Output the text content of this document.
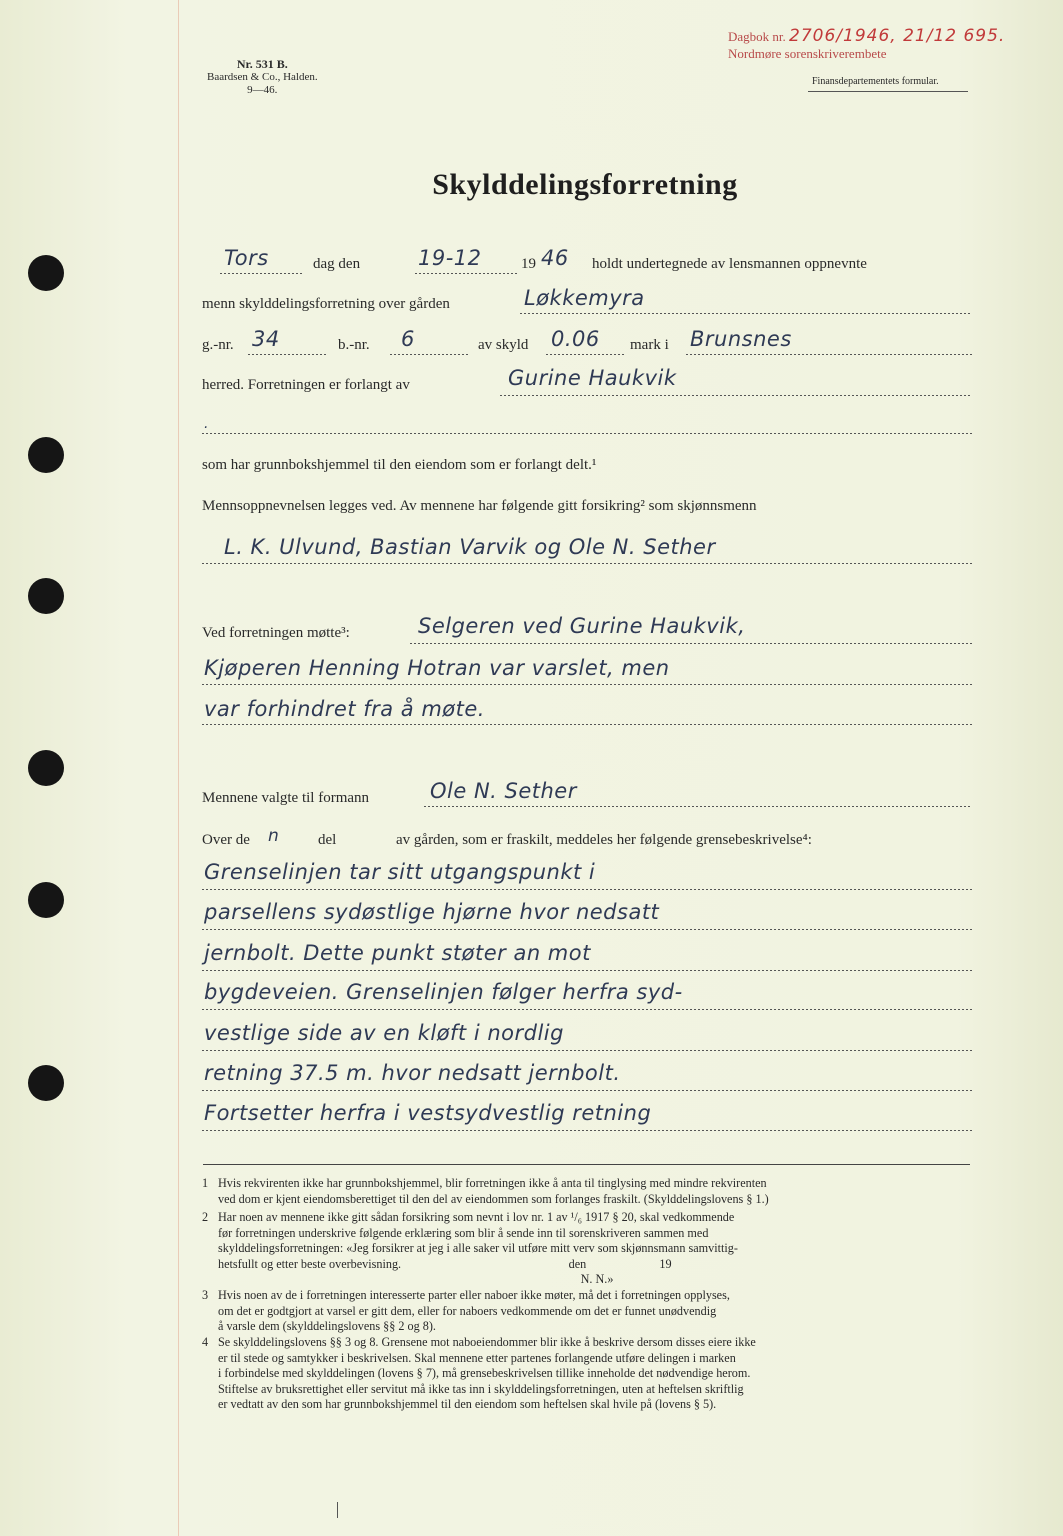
Nr. 531 B.
Baardsen & Co., Halden.
9—46.
Dagbok nr. 2706/1946, 21/12 695.
Nordmøre sorenskriverembete
Finansdepartementets formular.
Skylddelingsforretning
Tors	dag den	19-12	19 46 holdt undertegnede av lensmannen oppnevnte
menn skylddelingsforretning over gården	Løkkemyra
g.-nr. 34	b.-nr. 6	av skyld 0.06 mark i Brunsnes
herred. Forretningen er forlangt av	Gurine Haukvik
.
som har grunnbokshjemmel til den eiendom som er forlangt delt.¹
Mennsoppnevnelsen legges ved. Av mennene har følgende gitt forsikring² som skjønnsmenn
L. K. Ulvund, Bastian Varvik og Ole N. Sether
Ved forretningen møtte³:	Selgeren ved Gurine Haukvik,
Kjøperen Henning Hotran var varslet, men
var forhindret fra å møte.
Mennene valgte til formann	Ole N. Sether
Over de n	del	av gården, som er fraskilt, meddeles her følgende grensebeskrivelse⁴:
Grenselinjen tar sitt utgangspunkt i
parsellens sydøstlige hjørne hvor nedsatt
jernbolt. Dette punkt støter an mot
bygdeveien. Grenselinjen følger herfra syd-
vestlige side av en kløft i nordlig
retning 37.5 m. hvor nedsatt jernbolt.
Fortsetter herfra i vestsydvestlig retning
1 Hvis rekvirenten ikke har grunnbokshjemmel, blir forretningen ikke å anta til tinglysing med mindre rekvirenten
ved dom er kjent eiendomsberettiget til den del av eiendommen som forlanges fraskilt. (Skylddelingslovens § 1.)
2 Har noen av mennene ikke gitt sådan forsikring som nevnt i lov nr. 1 av ¹/₆ 1917 § 20, skal vedkommende
før forretningen underskrive følgende erklæring som blir å sende inn til sorenskriveren sammen med
skylddelingsforretningen: «Jeg forsikrer at jeg i alle saker vil utføre mitt verv som skjønnsmann samvittig-
hetsfullt og etter beste overbevisning.                                                       den                        19
N. N.»
3 Hvis noen av de i forretningen interesserte parter eller naboer ikke møter, må det i forretningen opplyses,
om det er godtgjort at varsel er gitt dem, eller for naboers vedkommende om det er funnet unødvendig
å varsle dem (skylddelingslovens §§ 2 og 8).
4 Se skylddelingslovens §§ 3 og 8. Grensene mot naboeiendommer blir ikke å beskrive dersom disses eiere ikke
er til stede og samtykker i beskrivelsen. Skal mennene etter partenes forlangende utføre delingen i marken
i forbindelse med skylddelingen (lovens § 7), må grensebeskrivelsen tillike inneholde det nødvendige herom.
Stiftelse av bruksrettighet eller servitut må ikke tas inn i skylddelingsforretningen, uten at heftelsen skriftlig
er vedtatt av den som har grunnbokshjemmel til den eiendom som heftelsen skal hvile på (lovens § 5).
